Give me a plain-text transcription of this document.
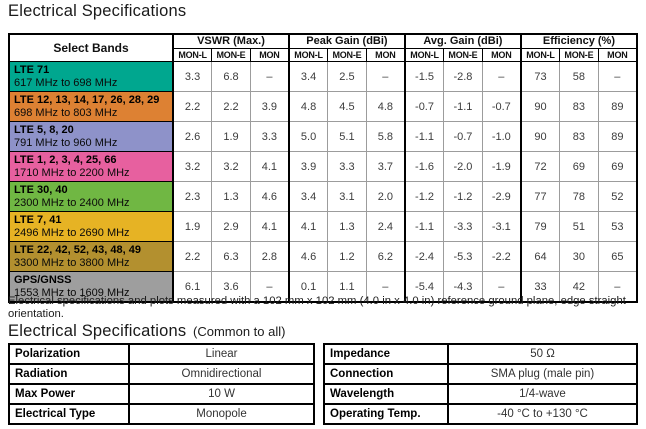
Electrical Specifications
Select Bands	VSWR (Max.)			Peak Gain (dBi)			Avg. Gain (dBi)			Efficiency (%)		
	MON-L	MON-E	MON	MON-L	MON-E	MON	MON-L	MON-E	MON	MON-L	MON-E	MON

LTE 71
617 MHz to 698 MHz	3.3	6.8	–	3.4	2.5	–	-1.5	-2.8	–	73	58	–

LTE 12, 13, 14, 17, 26, 28, 29
698 MHz to 803 MHz	2.2	2.2	3.9	4.8	4.5	4.8	-0.7	-1.1	-0.7	90	83	89

LTE 5, 8, 20
791 MHz to 960 MHz	2.6	1.9	3.3	5.0	5.1	5.8	-1.1	-0.7	-1.0	90	83	89

LTE 1, 2, 3, 4, 25, 66
1710 MHz to 2200 MHz	3.2	3.2	4.1	3.9	3.3	3.7	-1.6	-2.0	-1.9	72	69	69

LTE 30, 40
2300 MHz to 2400 MHz	2.3	1.3	4.6	3.4	3.1	2.0	-1.2	-1.2	-2.9	77	78	52

LTE 7, 41
2496 MHz to 2690 MHz	1.9	2.9	4.1	4.1	1.3	2.4	-1.1	-3.3	-3.1	79	51	53

LTE 22, 42, 52, 43, 48, 49
3300 MHz to 3800 MHz	2.2	6.3	2.8	4.6	1.2	6.2	-2.4	-5.3	-2.2	64	30	65

GPS/GNSS
1553 MHz to 1609 MHz	6.1	3.6	–	0.1	1.1	–	-5.4	-4.3	–	33	42	–
Electrical specifications and plots measured with a 102 mm x 102 mm (4.0 in x 4.0 in) reference ground plane, edge straight orientation.
Electrical Specifications (Common to all)
Polarization	Linear
Radiation	Omnidirectional
Max Power	10 W
Electrical Type	Monopole
Impedance	50 Ω
Connection	SMA plug (male pin)
Wavelength	1/4-wave
Operating Temp.	-40 °C to +130 °C
